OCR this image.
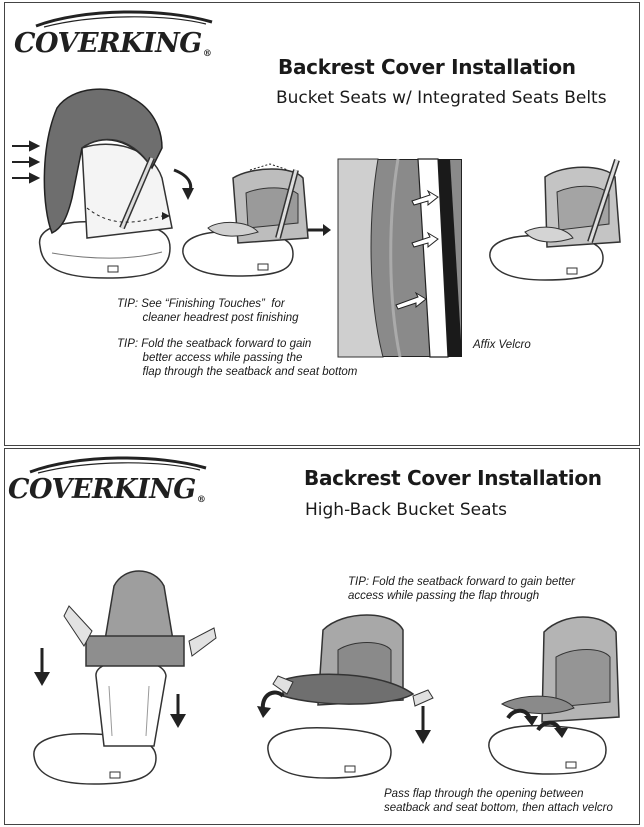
COVERKING®
Backrest Cover Installation
Bucket Seats w/ Integrated Seats Belts
Affix Velcro
TIP: See “Finishing Touches”  for
cleaner headrest post finishing
TIP: Fold the seatback forward to gain
better access while passing the
flap through the seatback and seat bottom
COVERKING®
Backrest Cover Installation
High-Back Bucket Seats
TIP: Fold the seatback forward to gain better
access while passing the flap through
Pass flap through the opening between
seatback and seat bottom, then attach velcro
